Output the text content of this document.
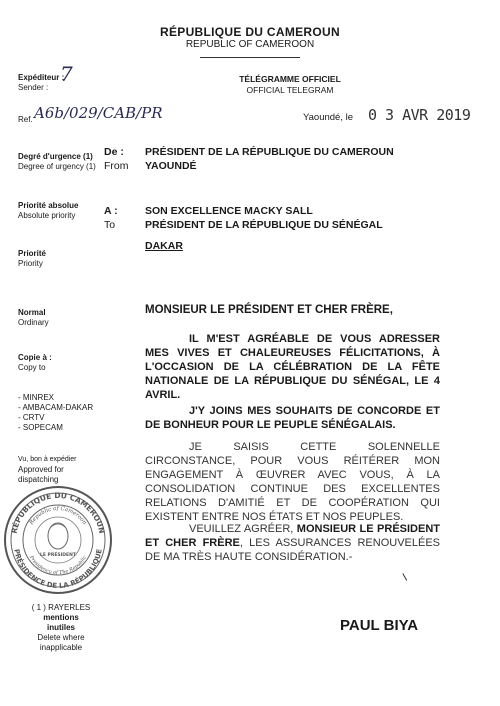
RÉPUBLIQUE DU CAMEROUN
REPUBLIC OF CAMEROON
Expéditeur :
Sender :
7
Ref. A6b/029/CAB/PR
TÉLÉGRAMME OFFICIEL
OFFICIAL TELEGRAM
Yaoundé, le 0 3 AVR 2019
Degré d'urgence (1)
Degree of urgency (1)
De :
From
PRÉSIDENT DE LA RÉPUBLIQUE DU CAMEROUN
YAOUNDÉ
Priorité absolue
Absolute priority	A :
To
SON EXCELLENCE MACKY SALL
PRÉSIDENT DE LA RÉPUBLIQUE DU SÉNÉGAL
DAKAR
Priorité
Priority
Normal
Ordinary
Copie à :
Copy to
- MINREX
- AMBACAM-DAKAR
- CRTV
- SOPECAM
Vu, bon à expédier
Approved for
dispatching
RÉPUBLIQUE DU CAMEROUN
PRÉSIDENCE DE LA RÉPUBLIQUE
Republic of Cameroon
Presidency of The Republic
LE PRÉSIDENT
( 1 ) RAYERLES
mentions inutiles
Delete where
inapplicable
MONSIEUR LE PRÉSIDENT ET CHER FRÈRE,

IL M'EST AGRÉABLE DE VOUS ADRESSER MES VIVES ET CHALEUREUSES FÉLICITATIONS, À L'OCCASION DE LA CÉLÉBRATION DE LA FÊTE NATIONALE DE LA RÉPUBLIQUE DU SÉNÉGAL, LE 4 AVRIL.

J'Y JOINS MES SOUHAITS DE CONCORDE ET DE BONHEUR POUR LE PEUPLE SÉNÉGALAIS.

JE SAISIS CETTE SOLENNELLE CIRCONSTANCE, POUR VOUS RÉITÉRER MON ENGAGEMENT À ŒUVRER AVEC VOUS, À LA CONSOLIDATION CONTINUE DES EXCELLENTES RELATIONS D'AMITIÉ ET DE COOPÉRATION QUI EXISTENT ENTRE NOS ÉTATS ET NOS PEUPLES.

VEUILLEZ AGRÉER, MONSIEUR LE PRÉSIDENT ET CHER FRÈRE, LES ASSURANCES RENOUVELÉES DE MA TRÈS HAUTE CONSIDÉRATION.-

PAUL BIYA
